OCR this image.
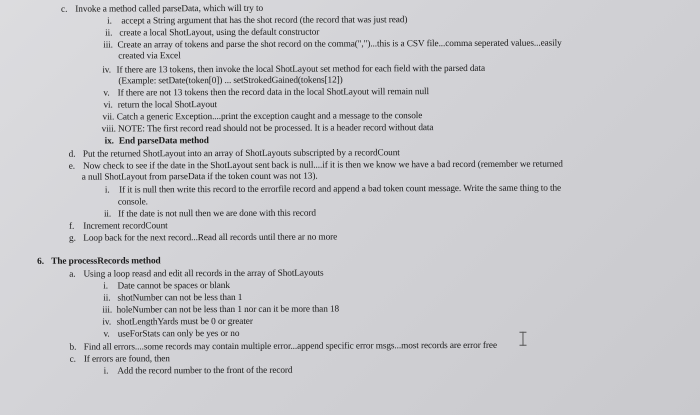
c. Invoke a method called parseData, which will try to
i. accept a String argument that has the shot record (the record that was just read)
ii. create a local ShotLayout, using the default constructor
iii. Create an array of tokens and parse the shot record on the comma(",")...this is a CSV file...comma seperated values...easily
created via Excel
iv. If there are 13 tokens, then invoke the local ShotLayout set method for each field with the parsed data
(Example: setDate(token[0]) ... setStrokedGained(tokens[12])
v. If there are not 13 tokens then the record data in the local ShotLayout will remain null
vi. return the local ShotLayout
vii. Catch a generic Exception....print the exception caught and a message to the console
viii. NOTE: The first record read should not be processed. It is a header record without data
ix. End parseData method
d. Put the returned ShotLayout into an array of ShotLayouts subscripted by a recordCount
e. Now check to see if the date in the ShotLayout sent back is null....if it is then we know we have a bad record (remember we returned
a null ShotLayout from parseData if the token count was not 13).
i. If it is null then write this record to the errorfile record and append a bad token count message. Write the same thing to the
console.
ii. If the date is not null then we are done with this record
f. Increment recordCount
g. Loop back for the next record...Read all records until there ar no more
6. The processRecords method
a. Using a loop reasd and edit all records in the array of ShotLayouts
i. Date cannot be spaces or blank
ii. shotNumber can not be less than 1
iii. holeNumber can not be less than 1 nor can it be more than 18
iv. shotLengthYards must be 0 or greater
v. useForStats can only be yes or no
b. Find all errors....some records may contain multiple error...append specific error msgs...most records are error free
c. If errors are found, then
i. Add the record number to the front of the record
